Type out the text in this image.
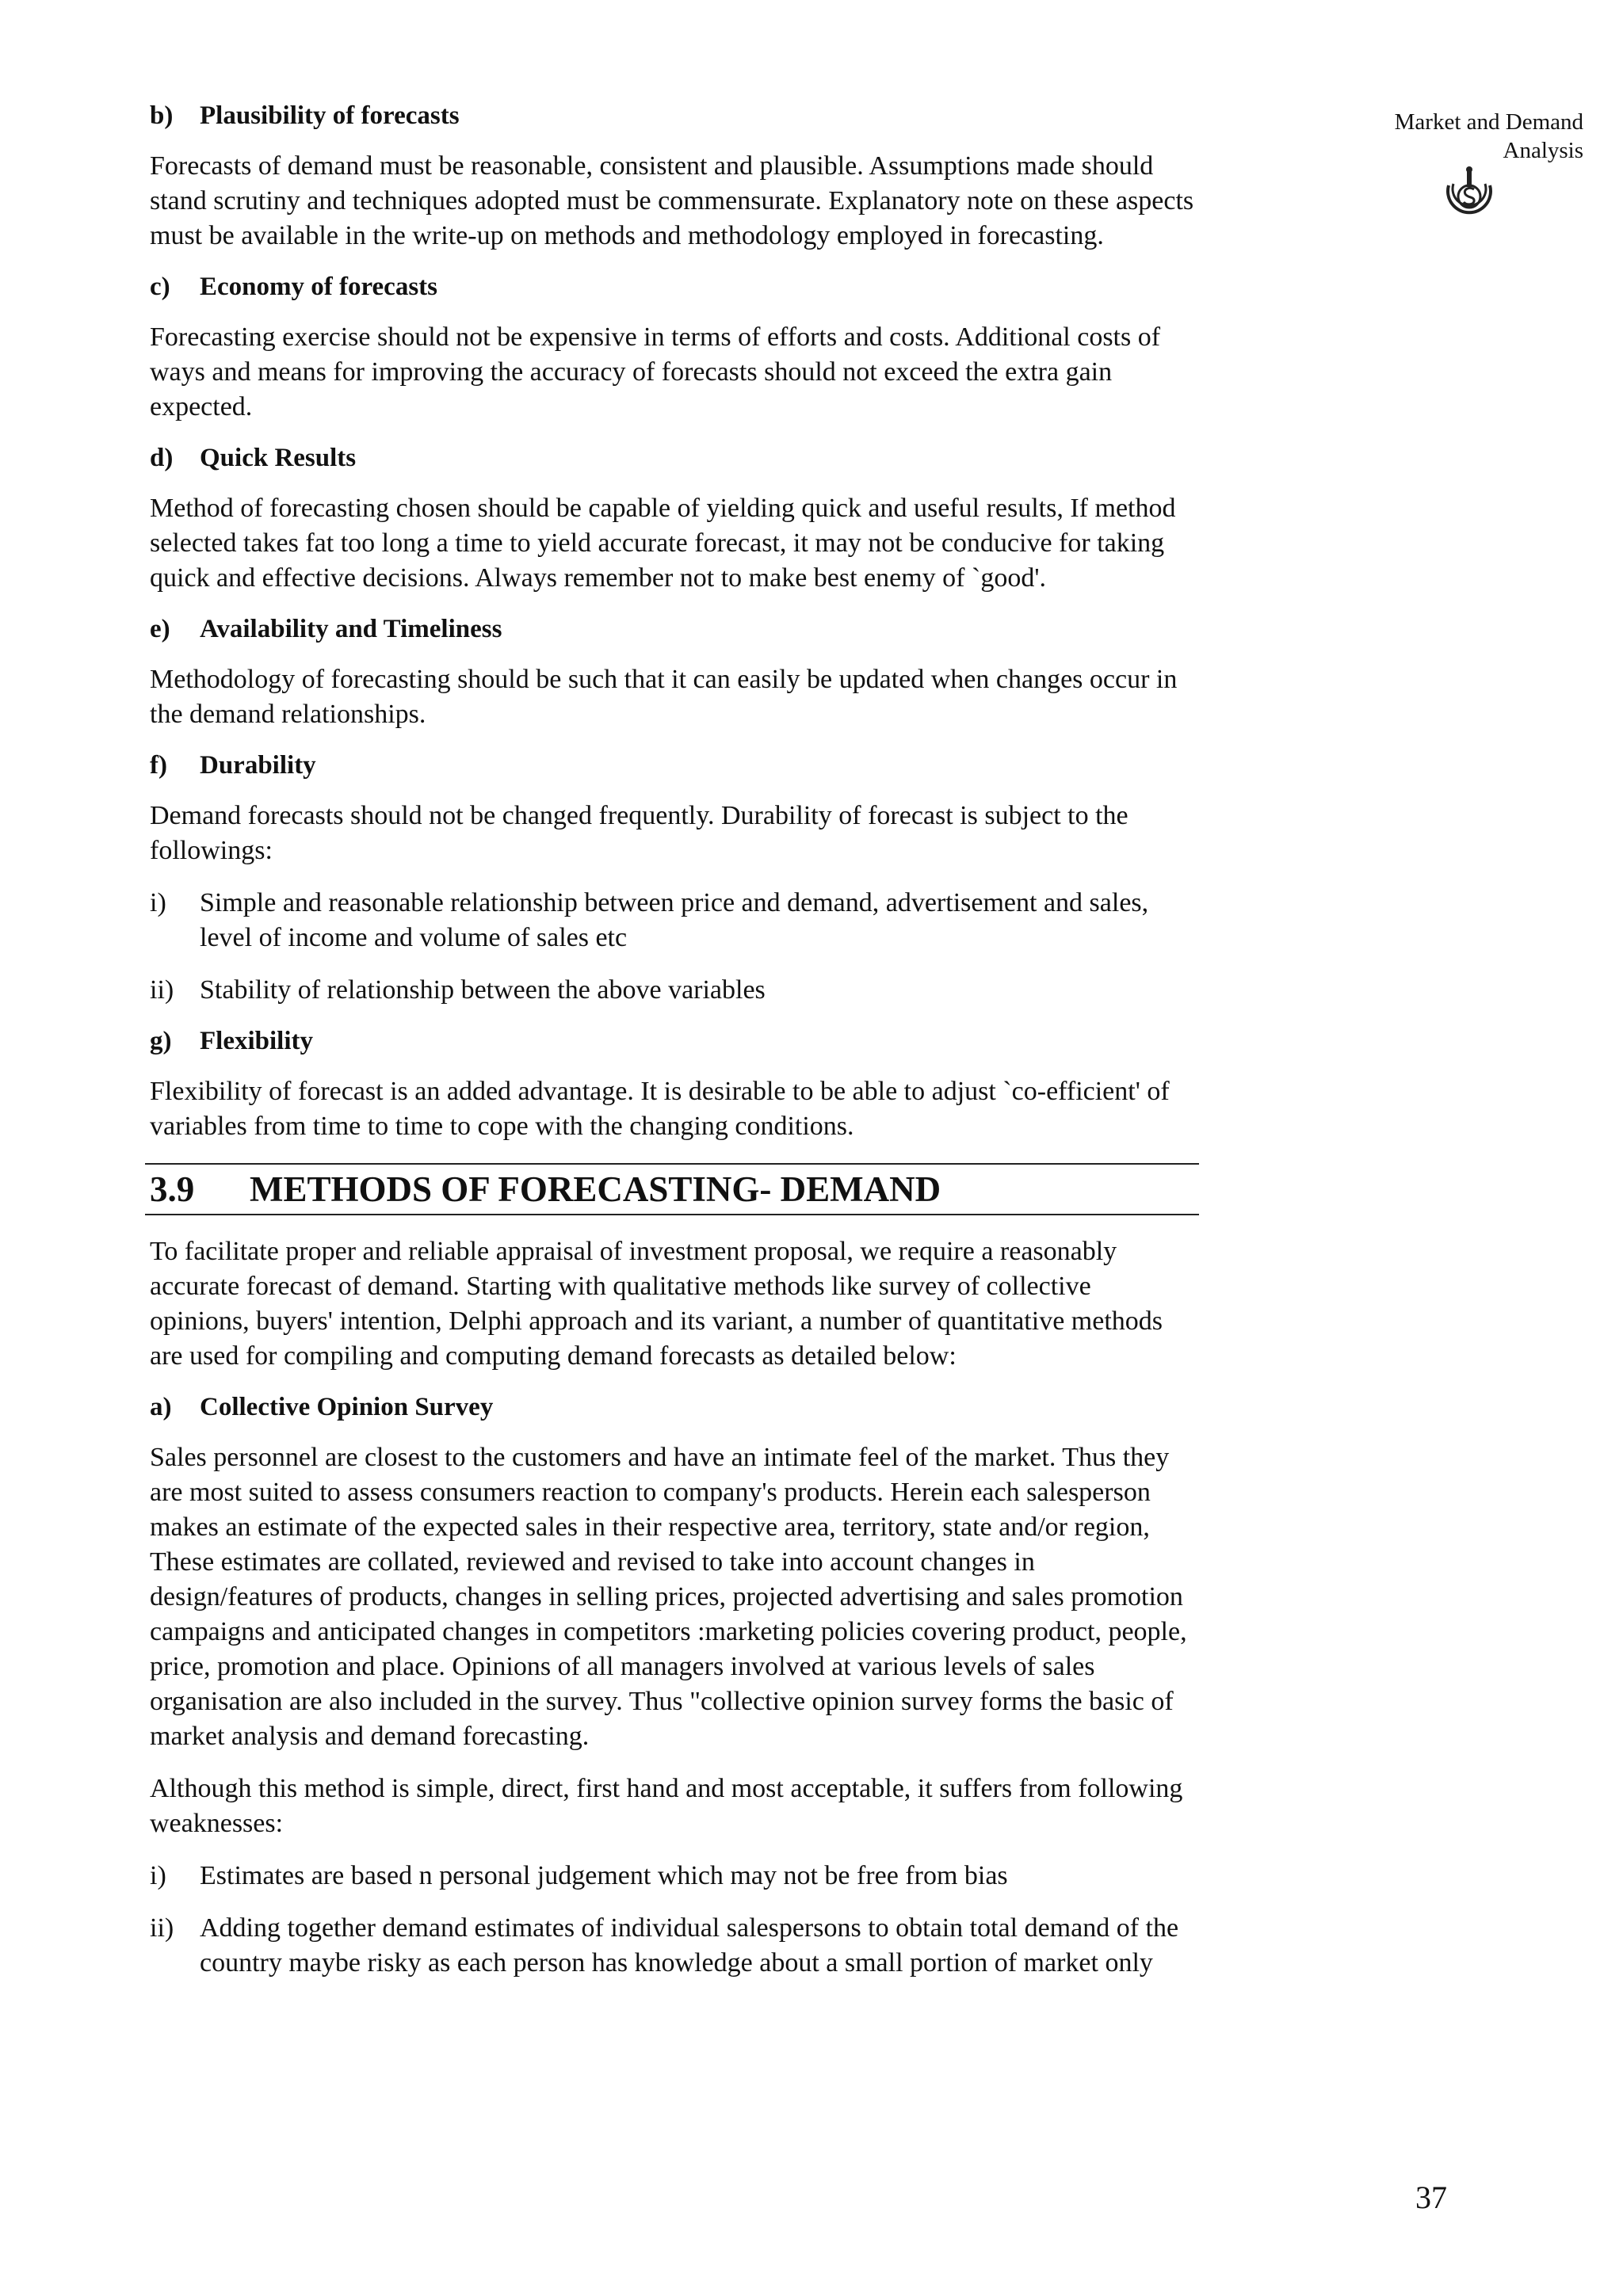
Market and Demand
Analysis
b)	Plausibility of forecasts

Forecasts of demand must be reasonable, consistent and plausible. Assumptions made should stand scrutiny and techniques adopted must be commensurate. Explanatory note on these aspects must be available in the write-up on methods and methodology employed in forecasting.

c)	Economy of forecasts

Forecasting exercise should not be expensive in terms of efforts and costs. Additional costs of ways and means for improving the accuracy of forecasts should not exceed the extra gain expected.

d)	Quick Results

Method of forecasting chosen should be capable of yielding quick and useful results, If method selected takes fat too long a time to yield accurate forecast, it may not be conducive for taking quick and effective decisions. Always remember not to make best enemy of `good'.

e)	Availability and Timeliness

Methodology of forecasting should be such that it can easily be updated when changes occur in the demand relationships.

f)	Durability

Demand forecasts should not be changed frequently. Durability of forecast is subject to the followings:

i)	Simple and reasonable relationship between price and demand, advertisement and sales, level of income and volume of sales etc
ii) Stability of relationship between the above variables
g)	Flexibility

Flexibility of forecast is an added advantage. It is desirable to be able to adjust `co-efficient' of variables from time to time to cope with the changing conditions.

3.9	METHODS OF FORECASTING- DEMAND

To facilitate proper and reliable appraisal of investment proposal, we require a reasonably accurate forecast of demand. Starting with qualitative methods like survey of collective opinions, buyers' intention, Delphi approach and its variant, a number of quantitative methods are used for compiling and computing demand forecasts as detailed below:

a)	Collective Opinion Survey

Sales personnel are closest to the customers and have an intimate feel of the market. Thus they are most suited to assess consumers reaction to company's products. Herein each salesperson makes an estimate of the expected sales in their respective area, territory, state and/or region, These estimates are collated, reviewed and revised to take into account changes in design/features of products, changes in selling prices, projected advertising and sales promotion campaigns and anticipated changes in competitors :marketing policies covering product, people, price, promotion and place. Opinions of all managers involved at various levels of sales organisation are also included in the survey. Thus "collective opinion survey forms the basic of market analysis and demand forecasting.

Although this method is simple, direct, first hand and most acceptable, it suffers from following weaknesses:

i)	Estimates are based n personal judgement which may not be free from bias
ii) Adding together demand estimates of individual salespersons to obtain total demand of the country maybe risky as each person has knowledge about a small portion of market only
37
